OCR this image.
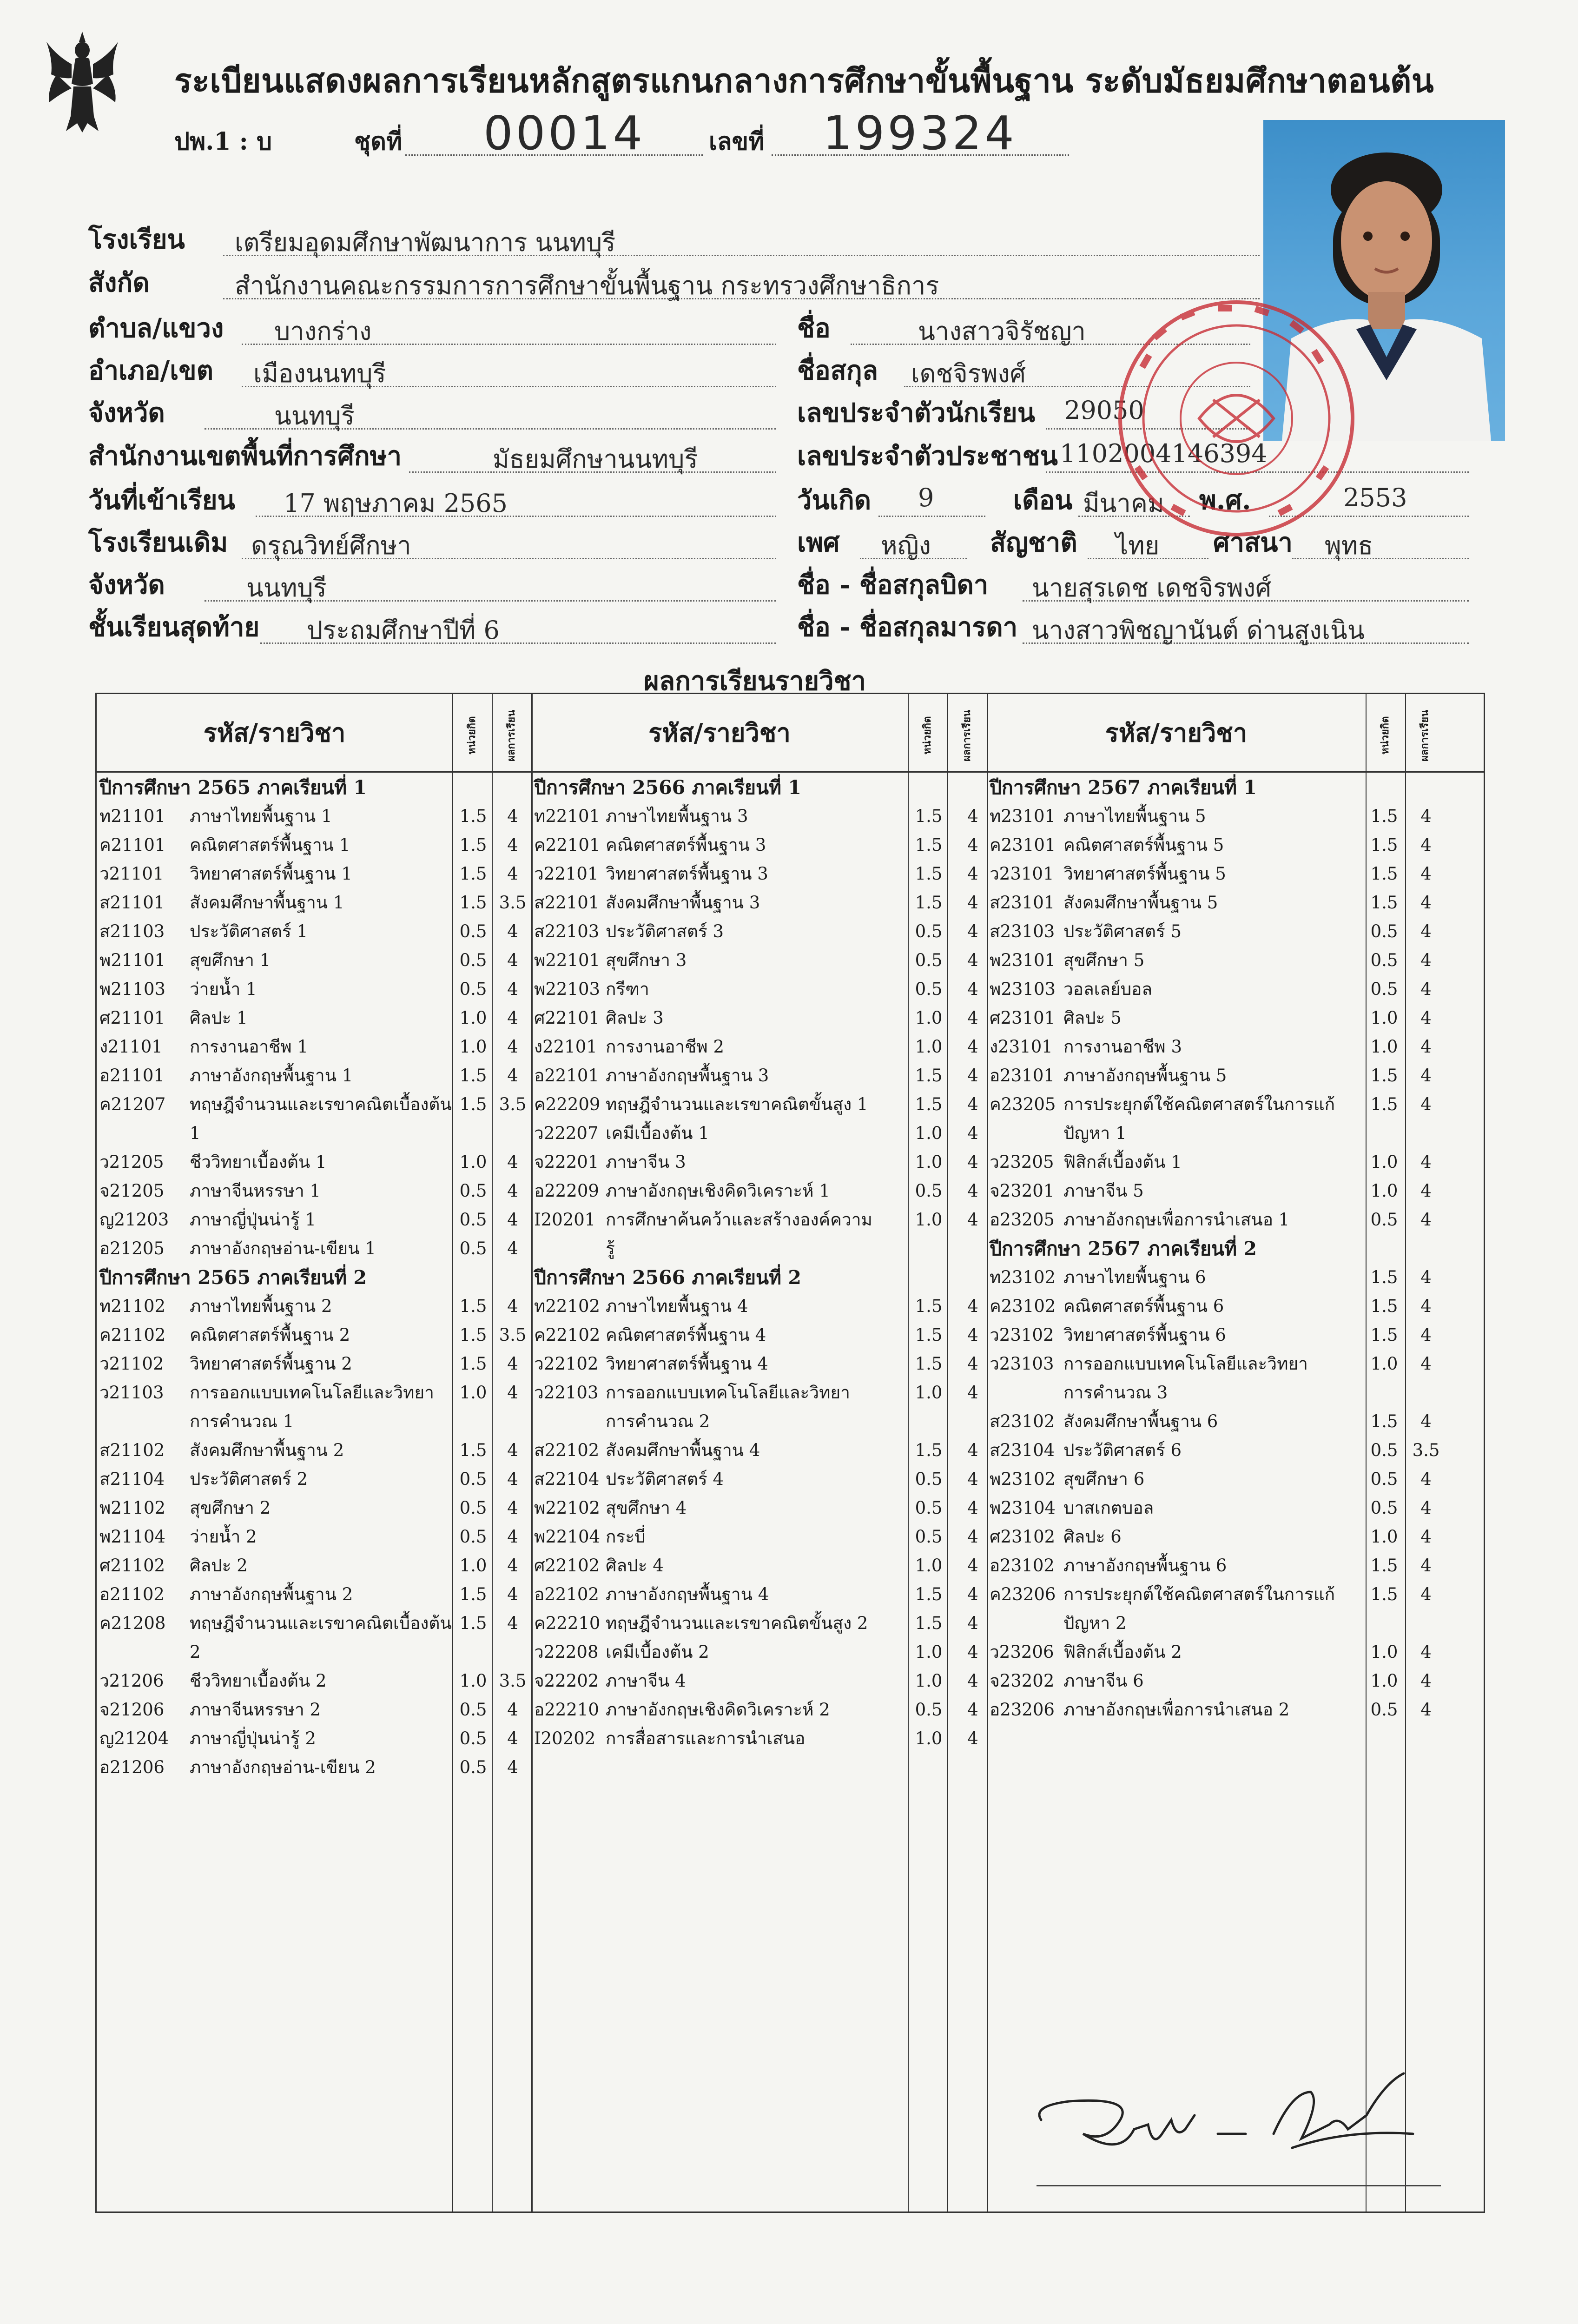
ระเบียนแสดงผลการเรียนหลักสูตรแกนกลางการศึกษาขั้นพื้นฐาน ระดับมัธยมศึกษาตอนต้น
ปพ.1 : บ	ชุดที่ 00014	เลขที่ 199324
โรงเรียน เตรียมอุดมศึกษาพัฒนาการ นนทบุรี
สังกัด	สำนักงานคณะกรรมการการศึกษาขั้นพื้นฐาน กระทรวงศึกษาธิการ
ตำบล/แขวง บางกร่าง
อำเภอ/เขต เมืองนนทบุรี
จังหวัด	นนทบุรี
สำนักงานเขตพื้นที่การศึกษา	มัธยมศึกษานนทบุรี
วันที่เข้าเรียน 17 พฤษภาคม 2565
โรงเรียนเดิม ดรุณวิทย์ศึกษา
จังหวัด	นนทบุรี
ชั้นเรียนสุดท้าย ประถมศึกษาปีที่ 6
ชื่อ	นางสาวจิรัชญา
ชื่อสกุล เดชจิรพงศ์
เลขประจำตัวนักเรียน 29050
เลขประจำตัวประชาชน 1102004146394
วันเกิด 9	เดือน มีนาคม พ.ศ.	2553
เพศ หญิง สัญชาติ ไทย ศาสนา พุทธ
ชื่อ - ชื่อสกุลบิดา นายสุรเดช เดชจิรพงศ์
ชื่อ - ชื่อสกุลมารดา นางสาวพิชญานันต์ ด่านสูงเนิน
ผลการเรียนรายวิชา
รหัส/รายวิชา	หน่วยกิต	ผลการเรียน	รหัส/รายวิชา	หน่วยกิต	ผลการเรียน	รหัส/รายวิชา	หน่วยกิต	ผลการเรียน
ปีการศึกษา 2565 ภาคเรียนที่ 1
ท21101 ภาษาไทยพื้นฐาน 1	1.5	4
ค21101 คณิตศาสตร์พื้นฐาน 1	1.5	4
ว21101 วิทยาศาสตร์พื้นฐาน 1	1.5	4
ส21101 สังคมศึกษาพื้นฐาน 1	1.5 3.5
ส21103 ประวัติศาสตร์ 1	0.5	4
พ21101 สุขศึกษา 1	0.5	4
พ21103 ว่ายน้ำ 1	0.5	4
ศ21101 ศิลปะ 1	1.0	4
ง21101 การงานอาชีพ 1	1.0	4
อ21101 ภาษาอังกฤษพื้นฐาน 1	1.5	4
ค21207 ทฤษฎีจำนวนและเรขาคณิตเบื้องต้น 1.5 3.5
1
ว21205 ชีววิทยาเบื้องต้น 1	1.0	4
จ21205 ภาษาจีนหรรษา 1	0.5	4
ญ21203 ภาษาญี่ปุ่นน่ารู้ 1	0.5	4
อ21205 ภาษาอังกฤษอ่าน-เขียน 1	0.5	4
ปีการศึกษา 2565 ภาคเรียนที่ 2
ท21102 ภาษาไทยพื้นฐาน 2	1.5	4
ค21102 คณิตศาสตร์พื้นฐาน 2	1.5 3.5
ว21102 วิทยาศาสตร์พื้นฐาน 2	1.5	4
ว21103 การออกแบบเทคโนโลยีและวิทยา 1.0	4
การคำนวณ 1
ส21102 สังคมศึกษาพื้นฐาน 2	1.5	4
ส21104 ประวัติศาสตร์ 2	0.5	4
พ21102 สุขศึกษา 2	0.5	4
พ21104 ว่ายน้ำ 2	0.5	4
ศ21102 ศิลปะ 2	1.0	4
อ21102 ภาษาอังกฤษพื้นฐาน 2	1.5	4
ค21208 ทฤษฎีจำนวนและเรขาคณิตเบื้องต้น 1.5	4
2
ว21206 ชีววิทยาเบื้องต้น 2	1.0 3.5
จ21206 ภาษาจีนหรรษา 2	0.5	4
ญ21204 ภาษาญี่ปุ่นน่ารู้ 2	0.5	4
อ21206 ภาษาอังกฤษอ่าน-เขียน 2	0.5	4
ปีการศึกษา 2566 ภาคเรียนที่ 1
ท22101 ภาษาไทยพื้นฐาน 3	1.5	4
ค22101 คณิตศาสตร์พื้นฐาน 3	1.5	4
ว22101 วิทยาศาสตร์พื้นฐาน 3	1.5	4
ส22101 สังคมศึกษาพื้นฐาน 3	1.5	4
ส22103 ประวัติศาสตร์ 3	0.5	4
พ22101 สุขศึกษา 3	0.5	4
พ22103 กรีฑา	0.5	4
ศ22101 ศิลปะ 3	1.0	4
ง22101 การงานอาชีพ 2	1.0	4
อ22101 ภาษาอังกฤษพื้นฐาน 3	1.5	4
ค22209 ทฤษฎีจำนวนและเรขาคณิตขั้นสูง 1	1.5	4
ว22207 เคมีเบื้องต้น 1	1.0	4
จ22201 ภาษาจีน 3	1.0	4
อ22209 ภาษาอังกฤษเชิงคิดวิเคราะห์ 1	0.5	4
I20201 การศึกษาค้นคว้าและสร้างองค์ความ 1.0	4
รู้
ปีการศึกษา 2566 ภาคเรียนที่ 2
ท22102 ภาษาไทยพื้นฐาน 4	1.5	4
ค22102 คณิตศาสตร์พื้นฐาน 4	1.5	4
ว22102 วิทยาศาสตร์พื้นฐาน 4	1.5	4
ว22103 การออกแบบเทคโนโลยีและวิทยา	1.0	4
การคำนวณ 2
ส22102 สังคมศึกษาพื้นฐาน 4	1.5	4
ส22104 ประวัติศาสตร์ 4	0.5	4
พ22102 สุขศึกษา 4	0.5	4
พ22104 กระบี่	0.5	4
ศ22102 ศิลปะ 4	1.0	4
อ22102 ภาษาอังกฤษพื้นฐาน 4	1.5	4
ค22210 ทฤษฎีจำนวนและเรขาคณิตขั้นสูง 2	1.5	4
ว22208 เคมีเบื้องต้น 2	1.0	4
จ22202 ภาษาจีน 4	1.0	4
อ22210 ภาษาอังกฤษเชิงคิดวิเคราะห์ 2	0.5	4
I20202 การสื่อสารและการนำเสนอ	1.0	4
ปีการศึกษา 2567 ภาคเรียนที่ 1
ท23101 ภาษาไทยพื้นฐาน 5	1.5	4
ค23101 คณิตศาสตร์พื้นฐาน 5	1.5	4
ว23101 วิทยาศาสตร์พื้นฐาน 5	1.5	4
ส23101 สังคมศึกษาพื้นฐาน 5	1.5	4
ส23103 ประวัติศาสตร์ 5	0.5	4
พ23101 สุขศึกษา 5	0.5	4
พ23103 วอลเลย์บอล	0.5	4
ศ23101 ศิลปะ 5	1.0	4
ง23101 การงานอาชีพ 3	1.0	4
อ23101 ภาษาอังกฤษพื้นฐาน 5	1.5	4
ค23205 การประยุกต์ใช้คณิตศาสตร์ในการแก้ 1.5	4
ปัญหา 1
ว23205 ฟิสิกส์เบื้องต้น 1	1.0	4
จ23201 ภาษาจีน 5	1.0	4
อ23205 ภาษาอังกฤษเพื่อการนำเสนอ 1	0.5	4
ปีการศึกษา 2567 ภาคเรียนที่ 2
ท23102 ภาษาไทยพื้นฐาน 6	1.5	4
ค23102 คณิตศาสตร์พื้นฐาน 6	1.5	4
ว23102 วิทยาศาสตร์พื้นฐาน 6	1.5	4
ว23103 การออกแบบเทคโนโลยีและวิทยา	1.0	4
การคำนวณ 3
ส23102 สังคมศึกษาพื้นฐาน 6	1.5	4
ส23104 ประวัติศาสตร์ 6	0.5 3.5
พ23102 สุขศึกษา 6	0.5	4
พ23104 บาสเกตบอล	0.5	4
ศ23102 ศิลปะ 6	1.0	4
อ23102 ภาษาอังกฤษพื้นฐาน 6	1.5	4
ค23206 การประยุกต์ใช้คณิตศาสตร์ในการแก้ 1.5	4
ปัญหา 2
ว23206 ฟิสิกส์เบื้องต้น 2	1.0	4
จ23202 ภาษาจีน 6	1.0	4
อ23206 ภาษาอังกฤษเพื่อการนำเสนอ 2	0.5	4
